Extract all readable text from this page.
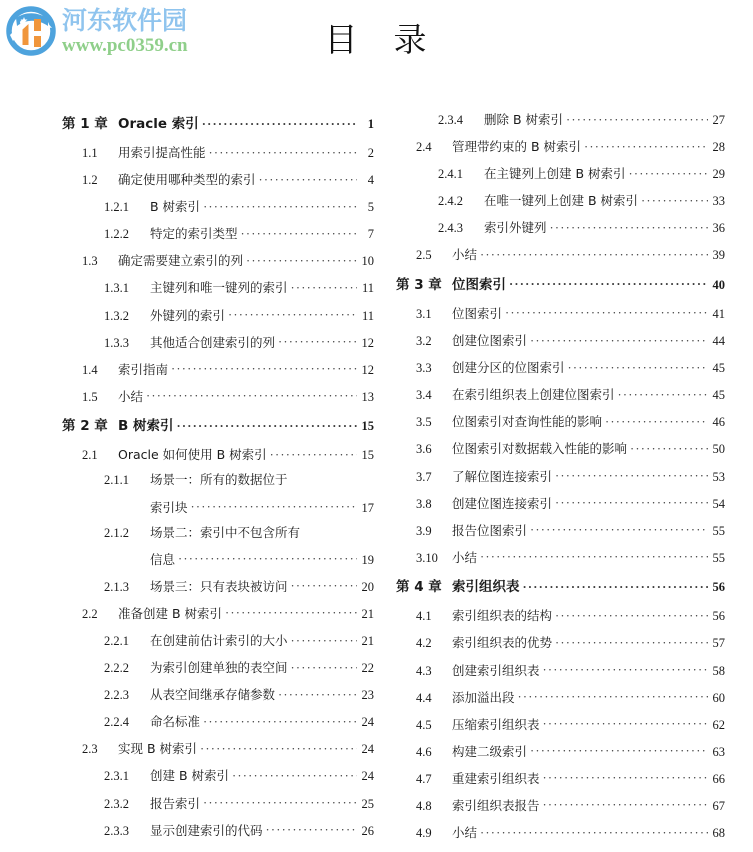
河东软件园
www.pc0359.cn	目 录
第 1 章 Oracle 索引 ·····	1
1.1	用索引提高性能 ·····	2
1.2	确定使用哪种类型的索引 ·····	4
1.2.1	B 树索引 ·····	5
1.2.2	特定的索引类型 ·····	7
1.3	确定需要建立索引的列 ·····	10
1.3.1	主键列和唯一键列的索引 ·····	11
1.3.2	外键列的索引 ·····	11
1.3.3	其他适合创建索引的列 ·····	12
1.4	索引指南 ·····	12
1.5	小结 ·····	13
第 2 章 B 树索引 ·····	15
2.1	Oracle 如何使用 B 树索引 ·····	15
2.1.1	场景一：所有的数据位于
索引块 ·····	17
2.1.2	场景二：索引中不包含所有
信息 ·····	19
2.1.3	场景三：只有表块被访问 ·····	20
2.2	准备创建 B 树索引 ·····	21
2.2.1	在创建前估计索引的大小 ·····	21
2.2.2	为索引创建单独的表空间 ·····	22
2.2.3	从表空间继承存储参数 ·····	23
2.2.4	命名标准 ·····	24
2.3	实现 B 树索引 ·····	24
2.3.1	创建 B 树索引 ·····	24
2.3.2	报告索引 ·····	25
2.3.3	显示创建索引的代码 ·····	26
2.3.4	删除 B 树索引 ·····	27
2.4	管理带约束的 B 树索引 ·····	28
2.4.1	在主键列上创建 B 树索引 ·····	29
2.4.2	在唯一键列上创建 B 树索引 ·····	33
2.4.3	索引外键列 ·····	36
2.5	小结 ·····	39
第 3 章 位图索引 ·····	40
3.1	位图索引 ·····	41
3.2	创建位图索引 ·····	44
3.3	创建分区的位图索引 ·····	45
3.4	在索引组织表上创建位图索引 ·····	45
3.5	位图索引对查询性能的影响 ·····	46
3.6	位图索引对数据载入性能的影响 ·····	50
3.7	了解位图连接索引 ·····	53
3.8	创建位图连接索引 ·····	54
3.9	报告位图索引 ·····	55
3.10	小结 ·····	55
第 4 章 索引组织表 ·····	56
4.1	索引组织表的结构 ·····	56
4.2	索引组织表的优势 ·····	57
4.3	创建索引组织表 ·····	58
4.4	添加溢出段 ·····	60
4.5	压缩索引组织表 ·····	62
4.6	构建二级索引 ·····	63
4.7	重建索引组织表 ·····	66
4.8	索引组织表报告 ·····	67
4.9	小结 ·····	68
